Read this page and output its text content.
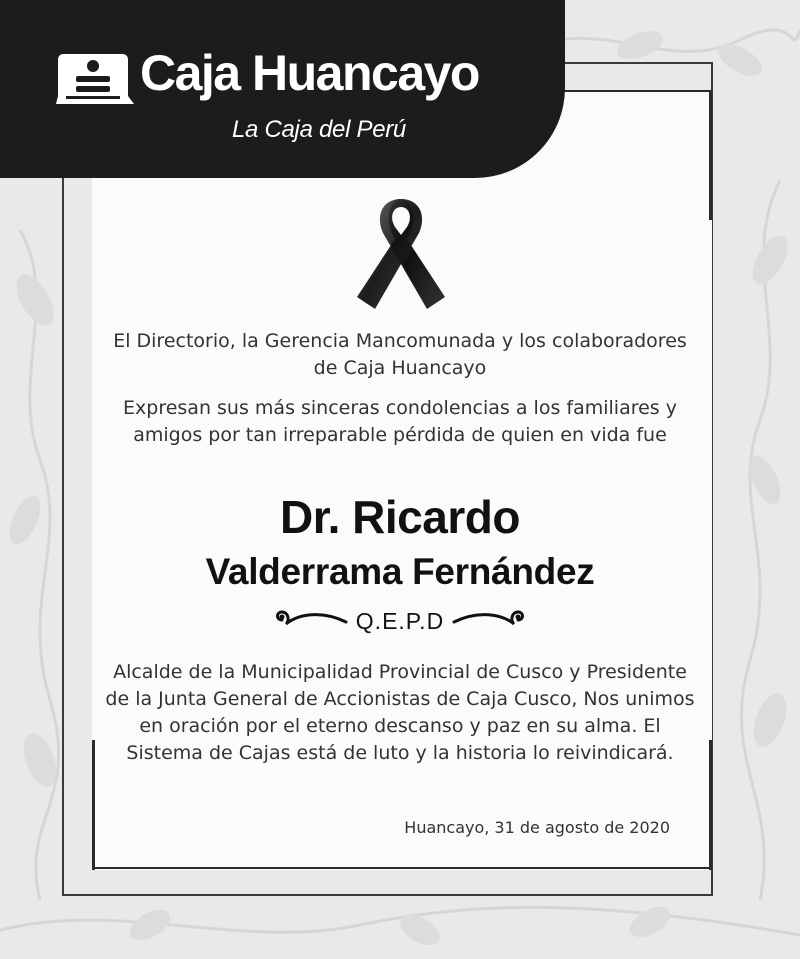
Caja Huancayo
La Caja del Perú
El Directorio, la Gerencia Mancomunada y los colaboradores de Caja Huancayo
Expresan sus más sinceras condolencias a los familiares y amigos por tan irreparable pérdida de quien en vida fue
Dr. Ricardo
Valderrama Fernández
Q.E.P.D
Alcalde de la Municipalidad Provincial de Cusco y Presidente de la Junta General de Accionistas de Caja Cusco, Nos unimos en oración por el eterno descanso y paz en su alma. El Sistema de Cajas está de luto y la historia lo reivindicará.
Huancayo, 31 de agosto de 2020
